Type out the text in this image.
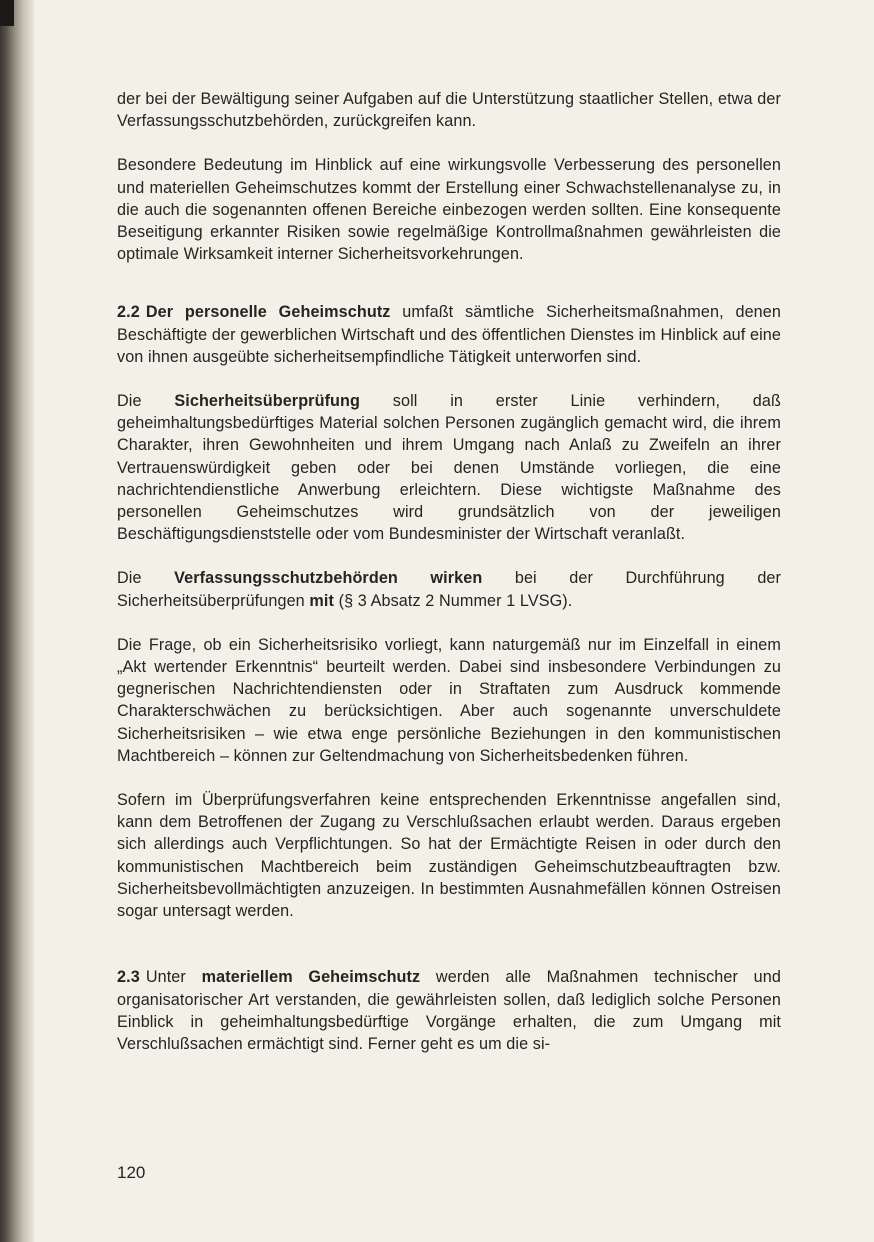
der bei der Bewältigung seiner Aufgaben auf die Unterstützung staatlicher Stellen, etwa der Verfassungsschutzbehörden, zurückgreifen kann.

Besondere Bedeutung im Hinblick auf eine wirkungsvolle Verbesserung des personellen und materiellen Geheimschutzes kommt der Erstellung einer Schwachstellenanalyse zu, in die auch die sogenannten offenen Bereiche einbezogen werden sollten. Eine konsequente Beseitigung erkannter Risiken sowie regelmäßige Kontrollmaßnahmen gewährleisten die optimale Wirksamkeit interner Sicherheitsvorkehrungen.

2.2 Der personelle Geheimschutz umfaßt sämtliche Sicherheitsmaßnahmen, denen Beschäftigte der gewerblichen Wirtschaft und des öffentlichen Dienstes im Hinblick auf eine von ihnen ausgeübte sicherheitsempfindliche Tätigkeit unterworfen sind.

Die Sicherheitsüberprüfung soll in erster Linie verhindern, daß geheimhaltungsbedürftiges Material solchen Personen zugänglich gemacht wird, die ihrem Charakter, ihren Gewohnheiten und ihrem Umgang nach Anlaß zu Zweifeln an ihrer Vertrauenswürdigkeit geben oder bei denen Umstände vorliegen, die eine nachrichtendienstliche Anwerbung erleichtern. Diese wichtigste Maßnahme des personellen Geheimschutzes wird grundsätzlich von der jeweiligen Beschäftigungsdienststelle oder vom Bundesminister der Wirtschaft veranlaßt.

Die Verfassungsschutzbehörden wirken bei der Durchführung der Sicherheitsüberprüfungen mit (§ 3 Absatz 2 Nummer 1 LVSG).

Die Frage, ob ein Sicherheitsrisiko vorliegt, kann naturgemäß nur im Einzelfall in einem „Akt wertender Erkenntnis“ beurteilt werden. Dabei sind insbesondere Verbindungen zu gegnerischen Nachrichtendiensten oder in Straftaten zum Ausdruck kommende Charakterschwächen zu berücksichtigen. Aber auch sogenannte unverschuldete Sicherheitsrisiken – wie etwa enge persönliche Beziehungen in den kommunistischen Machtbereich – können zur Geltendmachung von Sicherheitsbedenken führen.

Sofern im Überprüfungsverfahren keine entsprechenden Erkenntnisse angefallen sind, kann dem Betroffenen der Zugang zu Verschlußsachen erlaubt werden. Daraus ergeben sich allerdings auch Verpflichtungen. So hat der Ermächtigte Reisen in oder durch den kommunistischen Machtbereich beim zuständigen Geheimschutzbeauftragten bzw. Sicherheitsbevollmächtigten anzuzeigen. In bestimmten Ausnahmefällen können Ostreisen sogar untersagt werden.

2.3 Unter materiellem Geheimschutz werden alle Maßnahmen technischer und organisatorischer Art verstanden, die gewährleisten sollen, daß lediglich solche Personen Einblick in geheimhaltungsbedürftige Vorgänge erhalten, die zum Umgang mit Verschlußsachen ermächtigt sind. Ferner geht es um die si-

120
